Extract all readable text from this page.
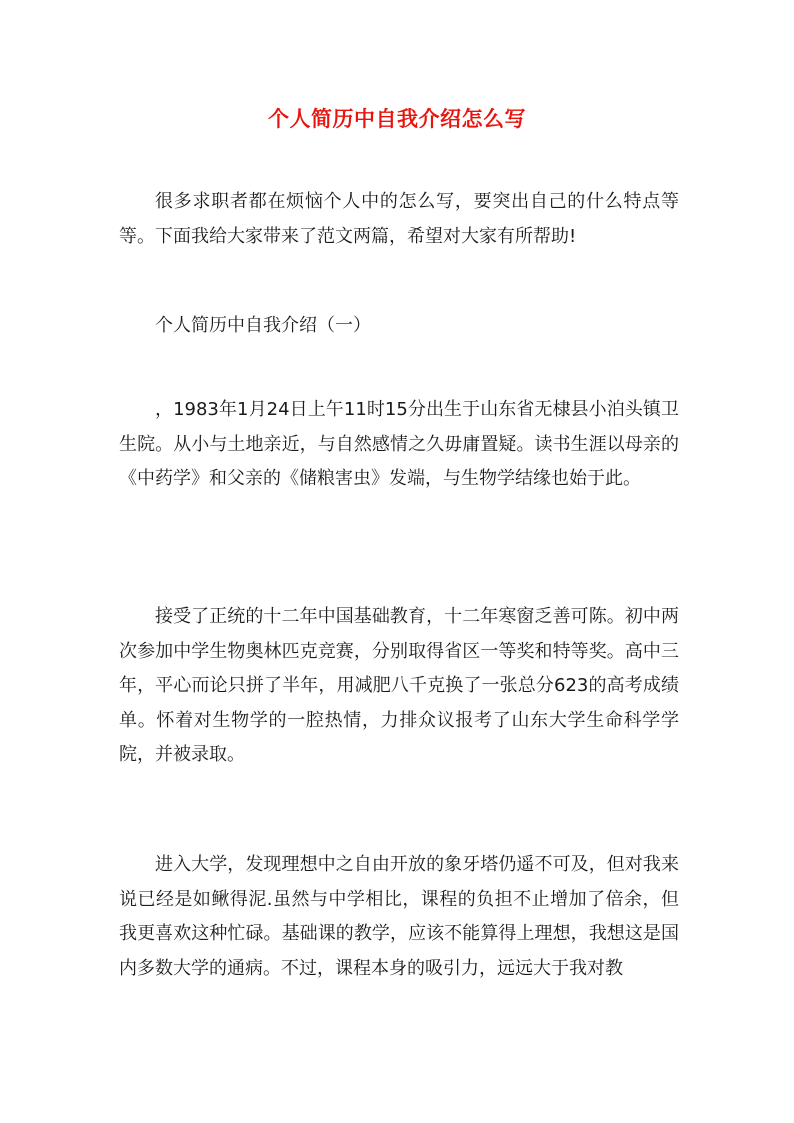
个人简历中自我介绍怎么写

很多求职者都在烦恼个人中的怎么写，要突出自己的什么特点等等。下面我给大家带来了范文两篇，希望对大家有所帮助!

个人简历中自我介绍（一）

，1983年1月24日上午11时15分出生于山东省无棣县小泊头镇卫生院。从小与土地亲近，与自然感情之久毋庸置疑。读书生涯以母亲的《中药学》和父亲的《储粮害虫》发端，与生物学结缘也始于此。

接受了正统的十二年中国基础教育，十二年寒窗乏善可陈。初中两次参加中学生物奥林匹克竞赛，分别取得省区一等奖和特等奖。高中三年，平心而论只拼了半年，用减肥八千克换了一张总分623的高考成绩单。怀着对生物学的一腔热情，力排众议报考了山东大学生命科学学院，并被录取。

进入大学，发现理想中之自由开放的象牙塔仍遥不可及，但对我来说已经是如鳅得泥.虽然与中学相比，课程的负担不止增加了倍余，但我更喜欢这种忙碌。基础课的教学，应该不能算得上理想，我想这是国内多数大学的通病。不过，课程本身的吸引力，远远大于我对教
